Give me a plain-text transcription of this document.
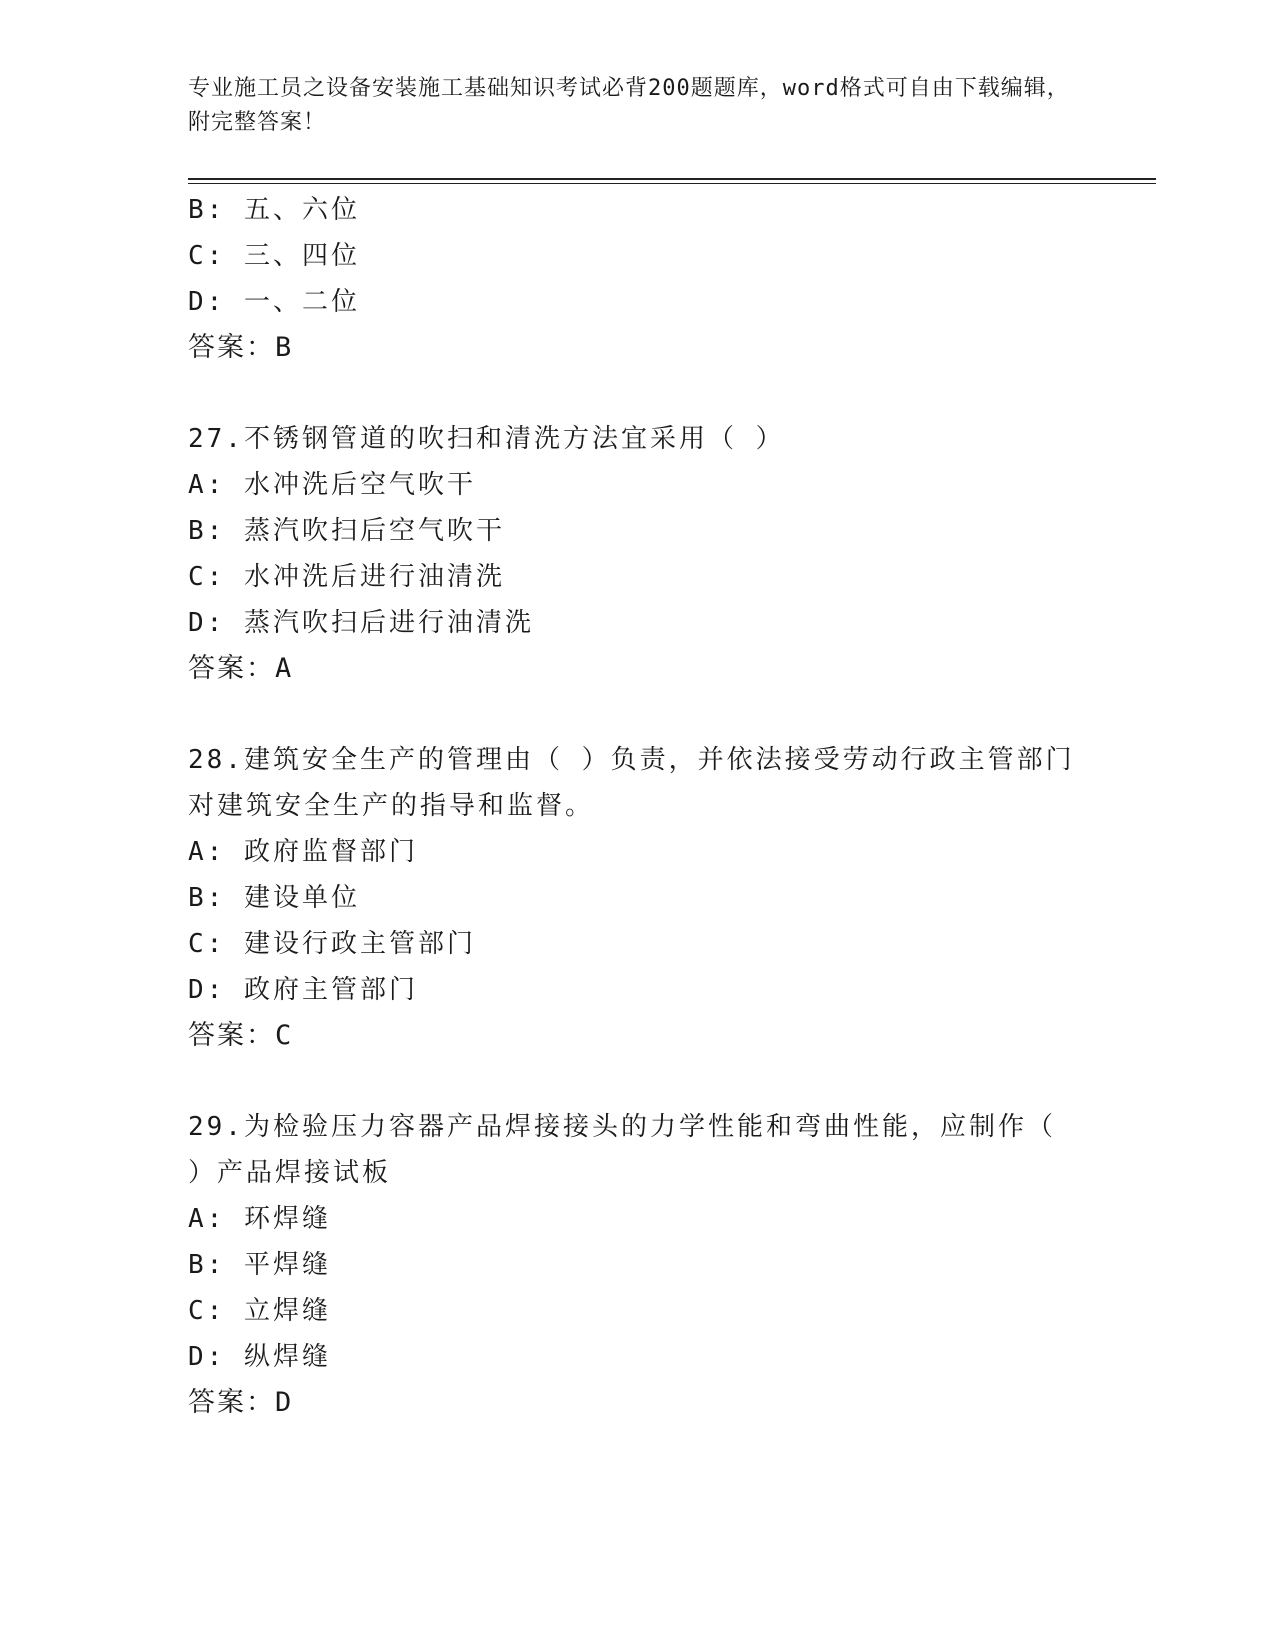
专业施工员之设备安装施工基础知识考试必背200题题库，word格式可自由下载编辑，附完整答案！
B: 五、六位
C: 三、四位
D: 一、二位
答案：B
27.不锈钢管道的吹扫和清洗方法宜采用（ ）
A: 水冲洗后空气吹干
B: 蒸汽吹扫后空气吹干
C: 水冲洗后进行油清洗
D: 蒸汽吹扫后进行油清洗
答案：A
28.建筑安全生产的管理由（ ）负责，并依法接受劳动行政主管部门
对建筑安全生产的指导和监督。
A: 政府监督部门
B: 建设单位
C: 建设行政主管部门
D: 政府主管部门
答案：C
29.为检验压力容器产品焊接接头的力学性能和弯曲性能，应制作（
）产品焊接试板
A: 环焊缝
B: 平焊缝
C: 立焊缝
D: 纵焊缝
答案：D
